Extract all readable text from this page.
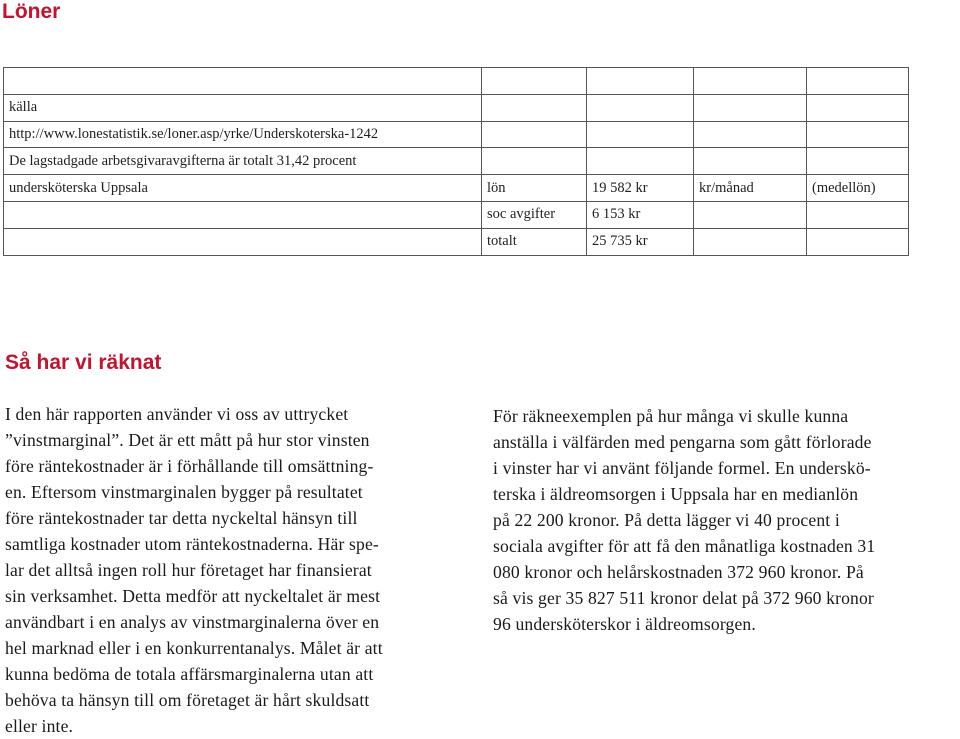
Löner

källa				
http://www.lonestatistik.se/loner.asp/yrke/Underskoterska-1242				
De lagstadgade arbetsgivaravgifterna är totalt 31,42 procent				
undersköterska Uppsala	lön	19 582 kr	kr/månad	(medellön)
	soc avgifter	6 153 kr		
	totalt	25 735 kr		
Så har vi räknat
I den här rapporten använder vi oss av uttrycket
”vinstmarginal”. Det är ett mått på hur stor vinsten
före räntekostnader är i förhållande till omsättning-
en. Eftersom vinstmarginalen bygger på resultatet
före räntekostnader tar detta nyckeltal hänsyn till
samtliga kostnader utom räntekostnaderna. Här spe-
lar det alltså ingen roll hur företaget har finansierat
sin verksamhet. Detta medför att nyckeltalet är mest
användbart i en analys av vinstmarginalerna över en
hel marknad eller i en konkurrentanalys. Målet är att
kunna bedöma de totala affärsmarginalerna utan att
behöva ta hänsyn till om företaget är hårt skuldsatt
eller inte.
För räkneexemplen på hur många vi skulle kunna
anställa i välfärden med pengarna som gått förlorade
i vinster har vi använt följande formel. En underskö-
terska i äldreomsorgen i Uppsala har en medianlön
på 22 200 kronor. På detta lägger vi 40 procent i
sociala avgifter för att få den månatliga kostnaden 31
080 kronor och helårskostnaden 372 960 kronor. På
så vis ger 35 827 511 kronor delat på 372 960 kronor
96 undersköterskor i äldreomsorgen.
